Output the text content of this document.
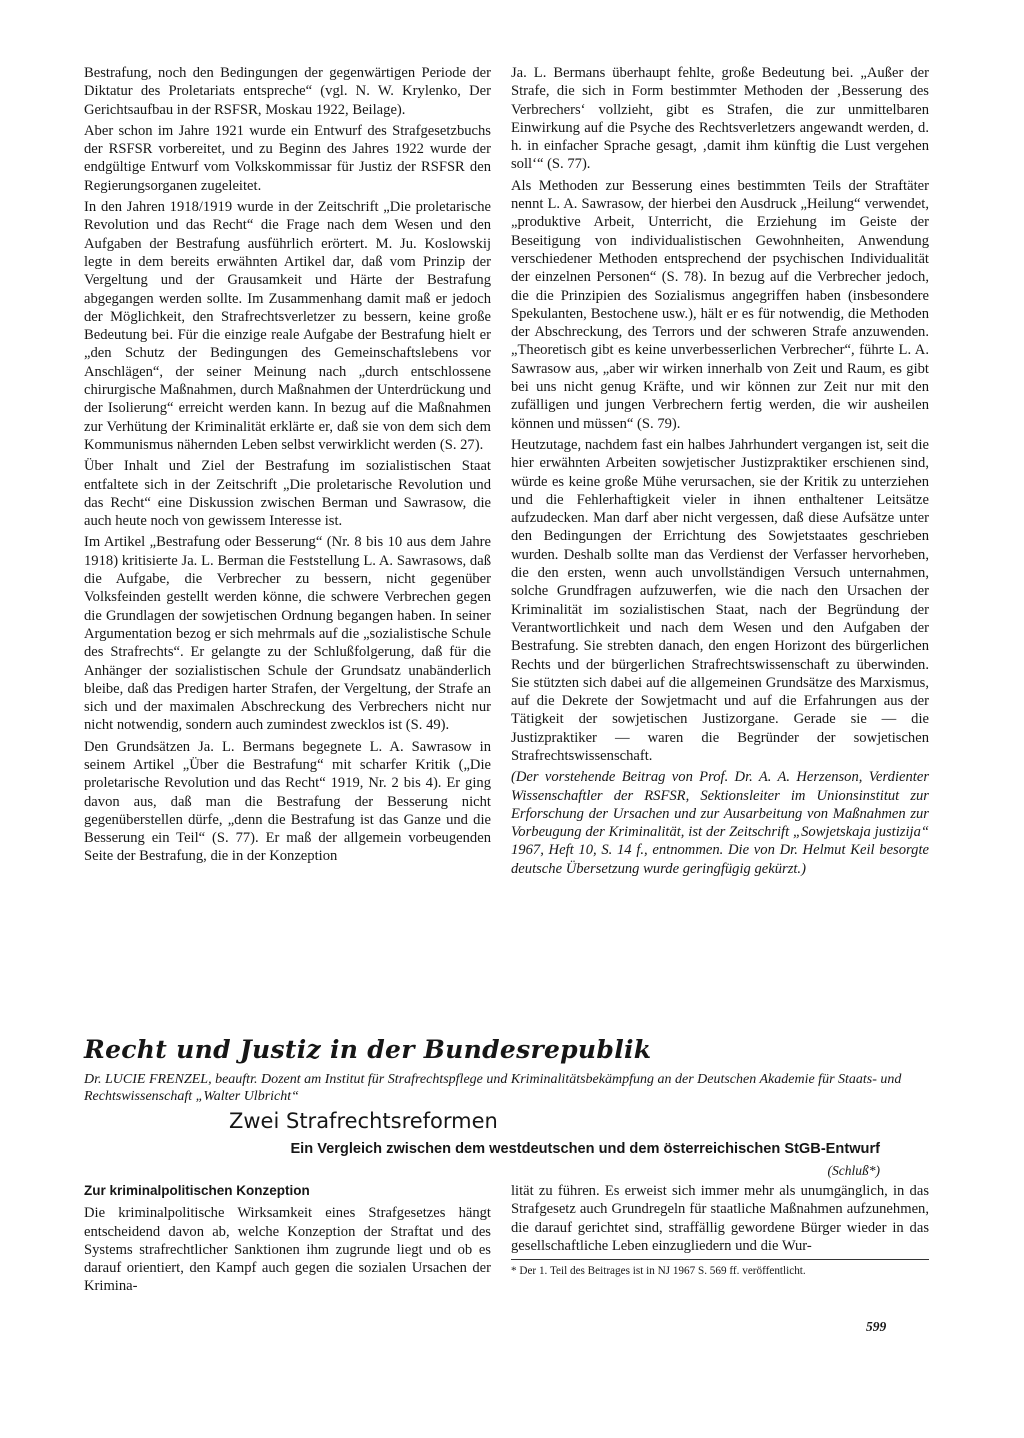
Bestrafung, noch den Bedingungen der gegenwärtigen Periode der Diktatur des Proletariats entspreche“ (vgl. N. W. Krylenko, Der Gerichtsaufbau in der RSFSR, Moskau 1922, Beilage).

Aber schon im Jahre 1921 wurde ein Entwurf des Strafgesetzbuchs der RSFSR vorbereitet, und zu Beginn des Jahres 1922 wurde der endgültige Entwurf vom Volkskommissar für Justiz der RSFSR den Regierungsorganen zugeleitet.

In den Jahren 1918/1919 wurde in der Zeitschrift „Die proletarische Revolution und das Recht“ die Frage nach dem Wesen und den Aufgaben der Bestrafung ausführlich erörtert. M. Ju. Koslowskij legte in dem bereits erwähnten Artikel dar, daß vom Prinzip der Vergeltung und der Grausamkeit und Härte der Bestrafung abgegangen werden sollte. Im Zusammenhang damit maß er jedoch der Möglichkeit, den Strafrechtsverletzer zu bessern, keine große Bedeutung bei. Für die einzige reale Aufgabe der Bestrafung hielt er „den Schutz der Bedingungen des Gemeinschaftslebens vor Anschlägen“, der seiner Meinung nach „durch entschlossene chirurgische Maßnahmen, durch Maßnahmen der Unterdrückung und der Isolierung“ erreicht werden kann. In bezug auf die Maßnahmen zur Verhütung der Kriminalität erklärte er, daß sie von dem sich dem Kommunismus nähernden Leben selbst verwirklicht werden (S. 27).

Über Inhalt und Ziel der Bestrafung im sozialistischen Staat entfaltete sich in der Zeitschrift „Die proletarische Revolution und das Recht“ eine Diskussion zwischen Berman und Sawrasow, die auch heute noch von gewissem Interesse ist.

Im Artikel „Bestrafung oder Besserung“ (Nr. 8 bis 10 aus dem Jahre 1918) kritisierte Ja. L. Berman die Feststellung L. A. Sawrasows, daß die Aufgabe, die Verbrecher zu bessern, nicht gegenüber Volksfeinden gestellt werden könne, die schwere Verbrechen gegen die Grundlagen der sowjetischen Ordnung begangen haben. In seiner Argumentation bezog er sich mehrmals auf die „sozialistische Schule des Strafrechts“. Er gelangte zu der Schlußfolgerung, daß für die Anhänger der sozialistischen Schule der Grundsatz unabänderlich bleibe, daß das Predigen harter Strafen, der Vergeltung, der Strafe an sich und der maximalen Abschreckung des Verbrechers nicht nur nicht notwendig, sondern auch zumindest zwecklos ist (S. 49).

Den Grundsätzen Ja. L. Bermans begegnete L. A. Sawrasow in seinem Artikel „Über die Bestrafung“ mit scharfer Kritik („Die proletarische Revolution und das Recht“ 1919, Nr. 2 bis 4). Er ging davon aus, daß man die Bestrafung der Besserung nicht gegenüberstellen dürfe, „denn die Bestrafung ist das Ganze und die Besserung ein Teil“ (S. 77). Er maß der allgemein vorbeugenden Seite der Bestrafung, die in der Konzeption

Ja. L. Bermans überhaupt fehlte, große Bedeutung bei. „Außer der Strafe, die sich in Form bestimmter Methoden der ‚Besserung des Verbrechers‘ vollzieht, gibt es Strafen, die zur unmittelbaren Einwirkung auf die Psyche des Rechtsverletzers angewandt werden, d. h. in einfacher Sprache gesagt, ‚damit ihm künftig die Lust vergehen soll‘“ (S. 77).

Als Methoden zur Besserung eines bestimmten Teils der Straftäter nennt L. A. Sawrasow, der hierbei den Ausdruck „Heilung“ verwendet, „produktive Arbeit, Unterricht, die Erziehung im Geiste der Beseitigung von individualistischen Gewohnheiten, Anwendung verschiedener Methoden entsprechend der psychischen Individualität der einzelnen Personen“ (S. 78). In bezug auf die Verbrecher jedoch, die die Prinzipien des Sozialismus angegriffen haben (insbesondere Spekulanten, Bestochene usw.), hält er es für notwendig, die Methoden der Abschreckung, des Terrors und der schweren Strafe anzuwenden. „Theoretisch gibt es keine unverbesserlichen Verbrecher“, führte L. A. Sawrasow aus, „aber wir wirken innerhalb von Zeit und Raum, es gibt bei uns nicht genug Kräfte, und wir können zur Zeit nur mit den zufälligen und jungen Verbrechern fertig werden, die wir ausheilen können und müssen“ (S. 79).

Heutzutage, nachdem fast ein halbes Jahrhundert vergangen ist, seit die hier erwähnten Arbeiten sowjetischer Justizpraktiker erschienen sind, würde es keine große Mühe verursachen, sie der Kritik zu unterziehen und die Fehlerhaftigkeit vieler in ihnen enthaltener Leitsätze aufzudecken. Man darf aber nicht vergessen, daß diese Aufsätze unter den Bedingungen der Errichtung des Sowjetstaates geschrieben wurden. Deshalb sollte man das Verdienst der Verfasser hervorheben, die den ersten, wenn auch unvollständigen Versuch unternahmen, solche Grundfragen aufzuwerfen, wie die nach den Ursachen der Kriminalität im sozialistischen Staat, nach der Begründung der Verantwortlichkeit und nach dem Wesen und den Aufgaben der Bestrafung. Sie strebten danach, den engen Horizont des bürgerlichen Rechts und der bürgerlichen Strafrechtswissenschaft zu überwinden. Sie stützten sich dabei auf die allgemeinen Grundsätze des Marxismus, auf die Dekrete der Sowjetmacht und auf die Erfahrungen aus der Tätigkeit der sowjetischen Justizorgane. Gerade sie — die Justizpraktiker — waren die Begründer der sowjetischen Strafrechtswissenschaft.

(Der vorstehende Beitrag von Prof. Dr. A. A. Herzenson, Verdienter Wissenschaftler der RSFSR, Sektionsleiter im Unionsinstitut zur Erforschung der Ursachen und zur Ausarbeitung von Maßnahmen zur Vorbeugung der Kriminalität, ist der Zeitschrift „Sowjetskaja justizija“ 1967, Heft 10, S. 14 f., entnommen. Die von Dr. Helmut Keil besorgte deutsche Übersetzung wurde geringfügig gekürzt.)

Recht und Justiz in der Bundesrepublik
Dr. LUCIE FRENZEL, beauftr. Dozent am Institut für Strafrechtspflege und Kriminalitätsbekämpfung an der Deutschen Akademie für Staats- und Rechtswissenschaft „Walter Ulbricht“
Zwei Strafrechtsreformen
Ein Vergleich zwischen dem westdeutschen und dem österreichischen StGB-Entwurf
(Schluß*)
Zur kriminalpolitischen Konzeption

Die kriminalpolitische Wirksamkeit eines Strafgesetzes hängt entscheidend davon ab, welche Konzeption der Straftat und des Systems strafrechtlicher Sanktionen ihm zugrunde liegt und ob es darauf orientiert, den Kampf auch gegen die sozialen Ursachen der Krimina-

lität zu führen. Es erweist sich immer mehr als unumgänglich, in das Strafgesetz auch Grundregeln für staatliche Maßnahmen aufzunehmen, die darauf gerichtet sind, straffällig gewordene Bürger wieder in das gesellschaftliche Leben einzugliedern und die Wur-

* Der 1. Teil des Beitrages ist in NJ 1967 S. 569 ff. veröffentlicht.
599
